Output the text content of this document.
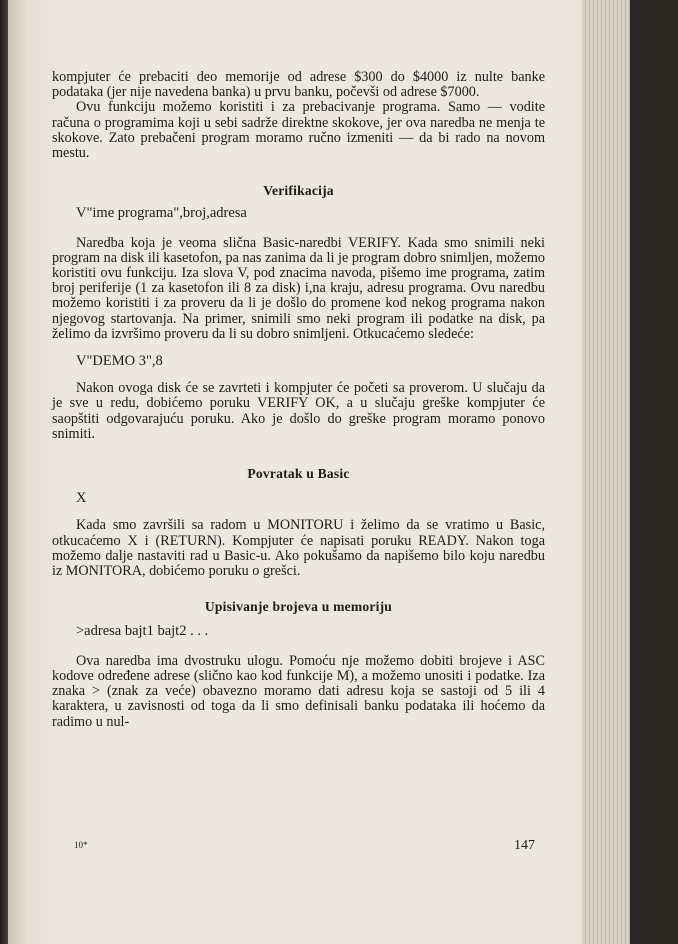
kompjuter će prebaciti deo memorije od adrese $300 do $4000 iz nulte banke podataka (jer nije navedena banka) u prvu banku, počevši od adrese $7000.

Ovu funkciju možemo koristiti i za prebacivanje programa. Samo — vodite računa o programima koji u sebi sadrže direktne skokove, jer ova naredba ne menja te skokove. Zato prebačeni program moramo ručno izmeniti — da bi rado na novom mestu.

Verifikacija

V"ime programa",broj,adresa

Naredba koja je veoma slična Basic-naredbi VERIFY. Kada smo snimili neki program na disk ili kasetofon, pa nas zanima da li je program dobro snimljen, možemo koristiti ovu funkciju. Iza slova V, pod znacima navoda, pišemo ime programa, zatim broj periferije (1 za kasetofon ili 8 za disk) i,na kraju, adresu programa. Ovu naredbu možemo koristiti i za proveru da li je došlo do promene kod nekog programa nakon njegovog startovanja. Na primer, snimili smo neki program ili podatke na disk, pa želimo da izvršimo proveru da li su dobro snimljeni. Otkucaćemo sledeće:

V"DEMO 3",8

Nakon ovoga disk će se zavrteti i kompjuter će početi sa proverom. U slučaju da je sve u redu, dobićemo poruku VERIFY OK, a u slučaju greške kompjuter će saopštiti odgovarajuću poruku. Ako je došlo do greške program moramo ponovo snimiti.

Povratak u Basic

X

Kada smo završili sa radom u MONITORU i želimo da se vratimo u Basic, otkucaćemo X i (RETURN). Kompjuter će napisati poruku READY. Nakon toga možemo dalje nastaviti rad u Basic-u. Ako pokušamo da napišemo bilo koju naredbu iz MONITORA, dobićemo poruku o grešci.

Upisivanje brojeva u memoriju

>adresa bajt1 bajt2 . . .

Ova naredba ima dvostruku ulogu. Pomoću nje možemo dobiti brojeve i ASC kodove određene adrese (slično kao kod funkcije M), a možemo unositi i podatke. Iza znaka > (znak za veće) obavezno moramo dati adresu koja se sastoji od 5 ili 4 karaktera, u zavisnosti od toga da li smo definisali banku podataka ili hoćemo da radimo u nul-

10*	147
